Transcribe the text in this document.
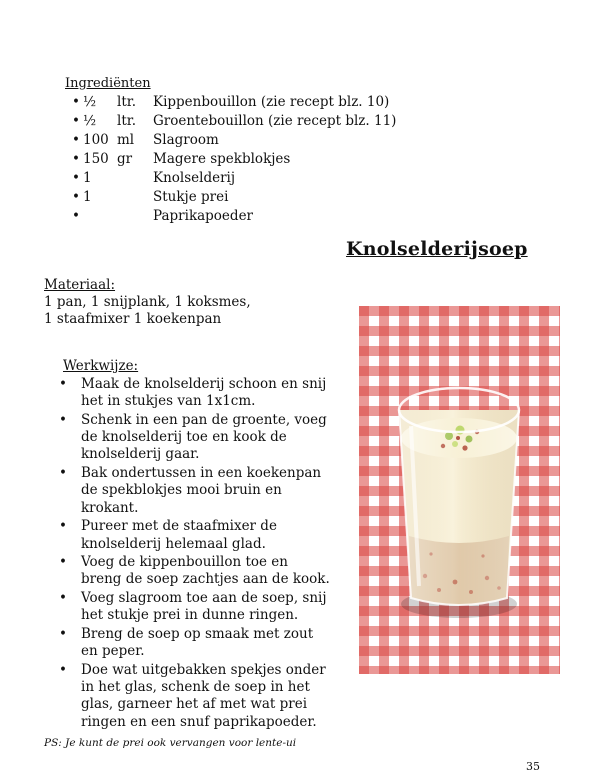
Ingrediënten
• ½ ltr. Kippenbouillon (zie recept blz. 10)
• ½ ltr. Groentebouillon (zie recept blz. 11)
• 100 ml Slagroom
• 150 gr Magere spekblokjes
• 1	Knolselderij
• 1	Stukje prei
•	Paprikapoeder
Knolselderijsoep
Materiaal:
1 pan, 1 snijplank, 1 koksmes,
1 staafmixer 1 koekenpan
Werkwijze:
• Maak de knolselderij schoon en snij
het in stukjes van 1x1cm.
• Schenk in een pan de groente, voeg
de knolselderij toe en kook de
knolselderij gaar.
• Bak ondertussen in een koekenpan
de spekblokjes mooi bruin en
krokant.
• Pureer met de staafmixer de
knolselderij helemaal glad.
• Voeg de kippenbouillon toe en
breng de soep zachtjes aan de kook.
• Voeg slagroom toe aan de soep, snij
het stukje prei in dunne ringen.
• Breng de soep op smaak met zout
en peper.
• Doe wat uitgebakken spekjes onder
in het glas, schenk de soep in het
glas, garneer het af met wat prei
ringen en een snuf paprikapoeder.
PS: Je kunt de prei ook vervangen voor lente-ui
35
